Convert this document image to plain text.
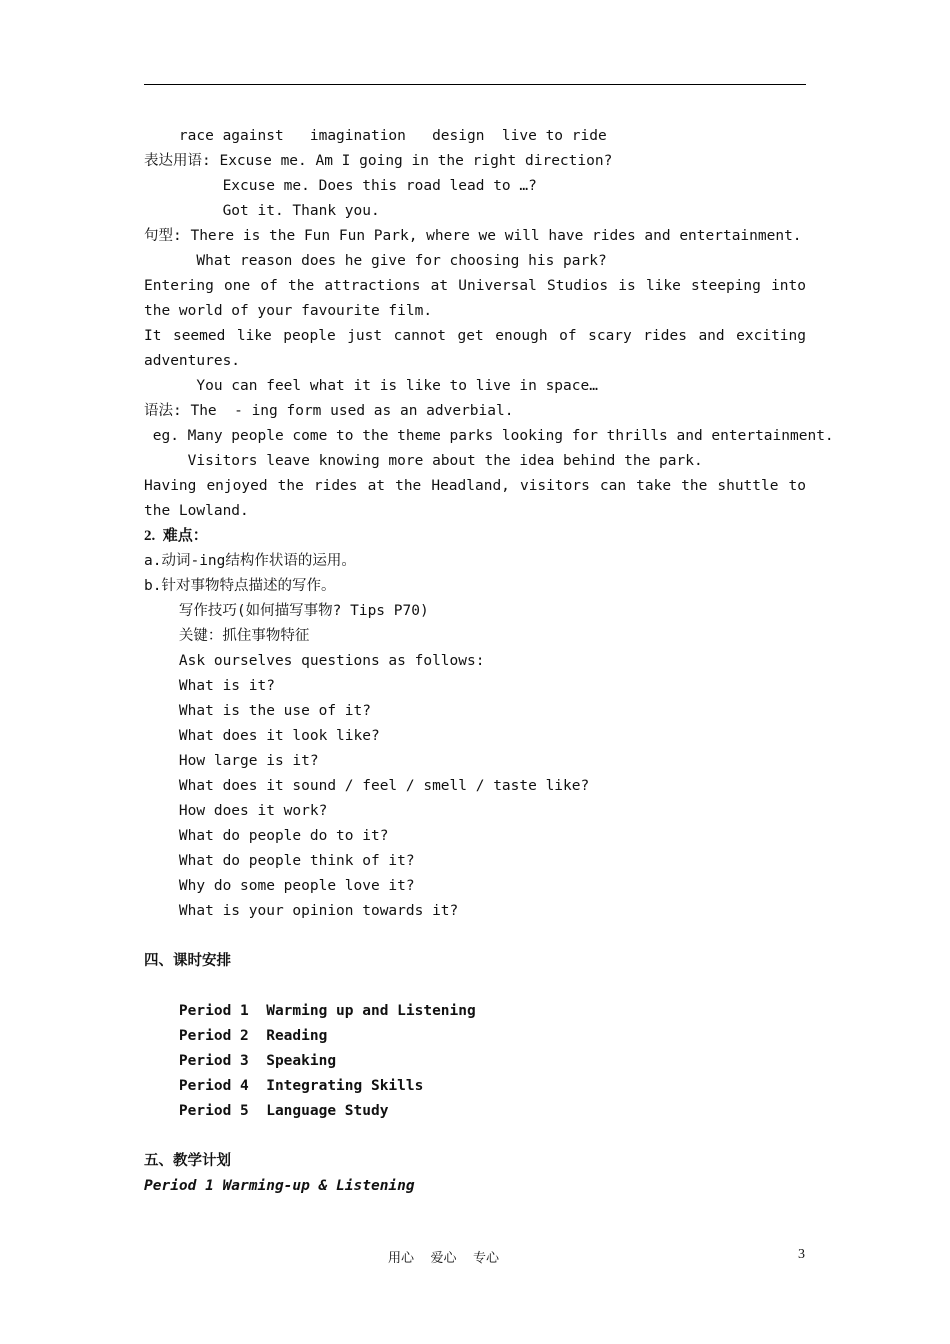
race against   imagination   design  live to ride
表达用语: Excuse me. Am I going in the right direction?
Excuse me. Does this road lead to …?
Got it. Thank you.
句型: There is the Fun Fun Park, where we will have rides and entertainment.
What reason does he give for choosing his park?
Entering one of the attractions at Universal Studios is like steeping into the world of your favourite film.
It seemed like people just cannot get enough of scary rides and exciting adventures.
You can feel what it is like to live in space…
语法: The  - ing form used as an adverbial.
eg. Many people come to the theme parks looking for thrills and entertainment.
Visitors leave knowing more about the idea behind the park.
Having enjoyed the rides at the Headland, visitors can take the shuttle to the Lowland.
2.  难点：
a.动词-ing结构作状语的运用。
b.针对事物特点描述的写作。
写作技巧(如何描写事物? Tips P70)
关键：抓住事物特征
Ask ourselves questions as follows:
What is it?
What is the use of it?
What does it look like?
How large is it?
What does it sound / feel / smell / taste like?
How does it work?
What do people do to it?
What do people think of it?
Why do some people love it?
What is your opinion towards it?
四、课时安排
Period 1  Warming up and Listening
Period 2  Reading
Period 3  Speaking
Period 4  Integrating Skills
Period 5  Language Study
五、教学计划
Period 1 Warming-up & Listening
用心    爱心    专心	3
